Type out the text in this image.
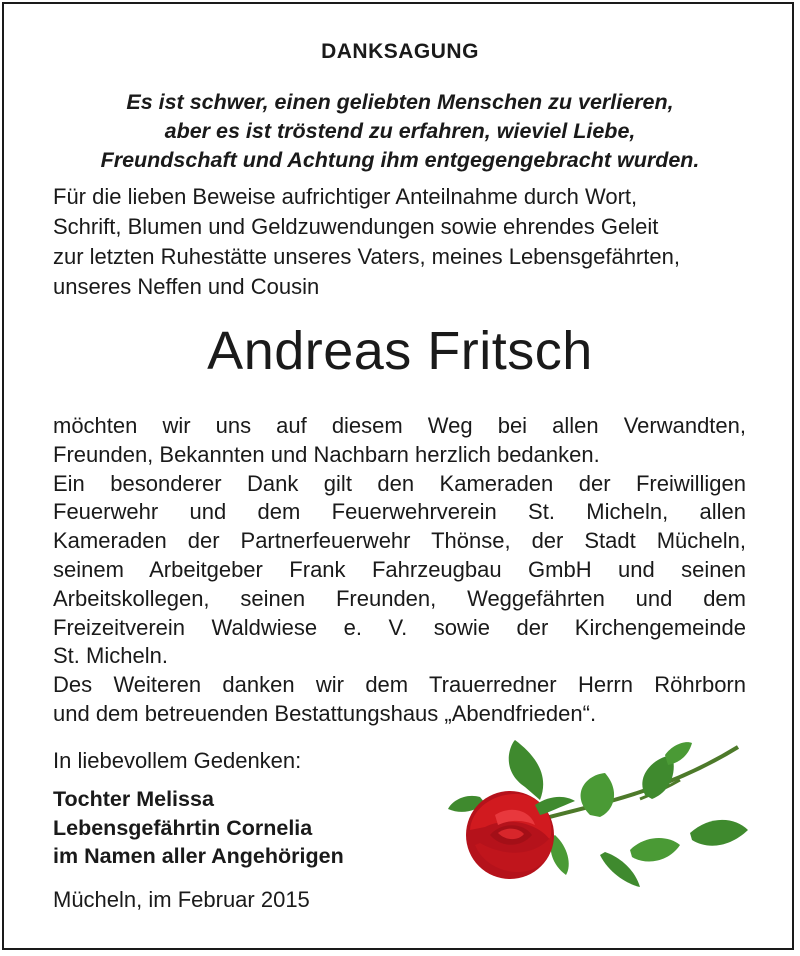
DANKSAGUNG
Es ist schwer, einen geliebten Menschen zu verlieren,
aber es ist tröstend zu erfahren, wieviel Liebe,
Freundschaft und Achtung ihm entgegengebracht wurden.
Für die lieben Beweise aufrichtiger Anteilnahme durch Wort,
Schrift, Blumen und Geldzuwendungen sowie ehrendes Geleit
zur letzten Ruhestätte unseres Vaters, meines Lebensgefährten,
unseres Neffen und Cousin
Andreas Fritsch
möchten wir uns auf diesem Weg bei allen Verwandten,
Freunden, Bekannten und Nachbarn herzlich bedanken.
Ein besonderer Dank gilt den Kameraden der Freiwilligen
Feuerwehr und dem Feuerwehrverein St. Micheln, allen
Kameraden der Partnerfeuerwehr Thönse, der Stadt Mücheln,
seinem Arbeitgeber Frank Fahrzeugbau GmbH und seinen
Arbeitskollegen, seinen Freunden, Weggefährten und dem
Freizeitverein Waldwiese e. V. sowie der Kirchengemeinde
St. Micheln.
Des Weiteren danken wir dem Trauerredner Herrn Röhrborn
und dem betreuenden Bestattungshaus „Abendfrieden“.
In liebevollem Gedenken:
Tochter Melissa
Lebensgefährtin Cornelia
im Namen aller Angehörigen
Mücheln, im Februar 2015
